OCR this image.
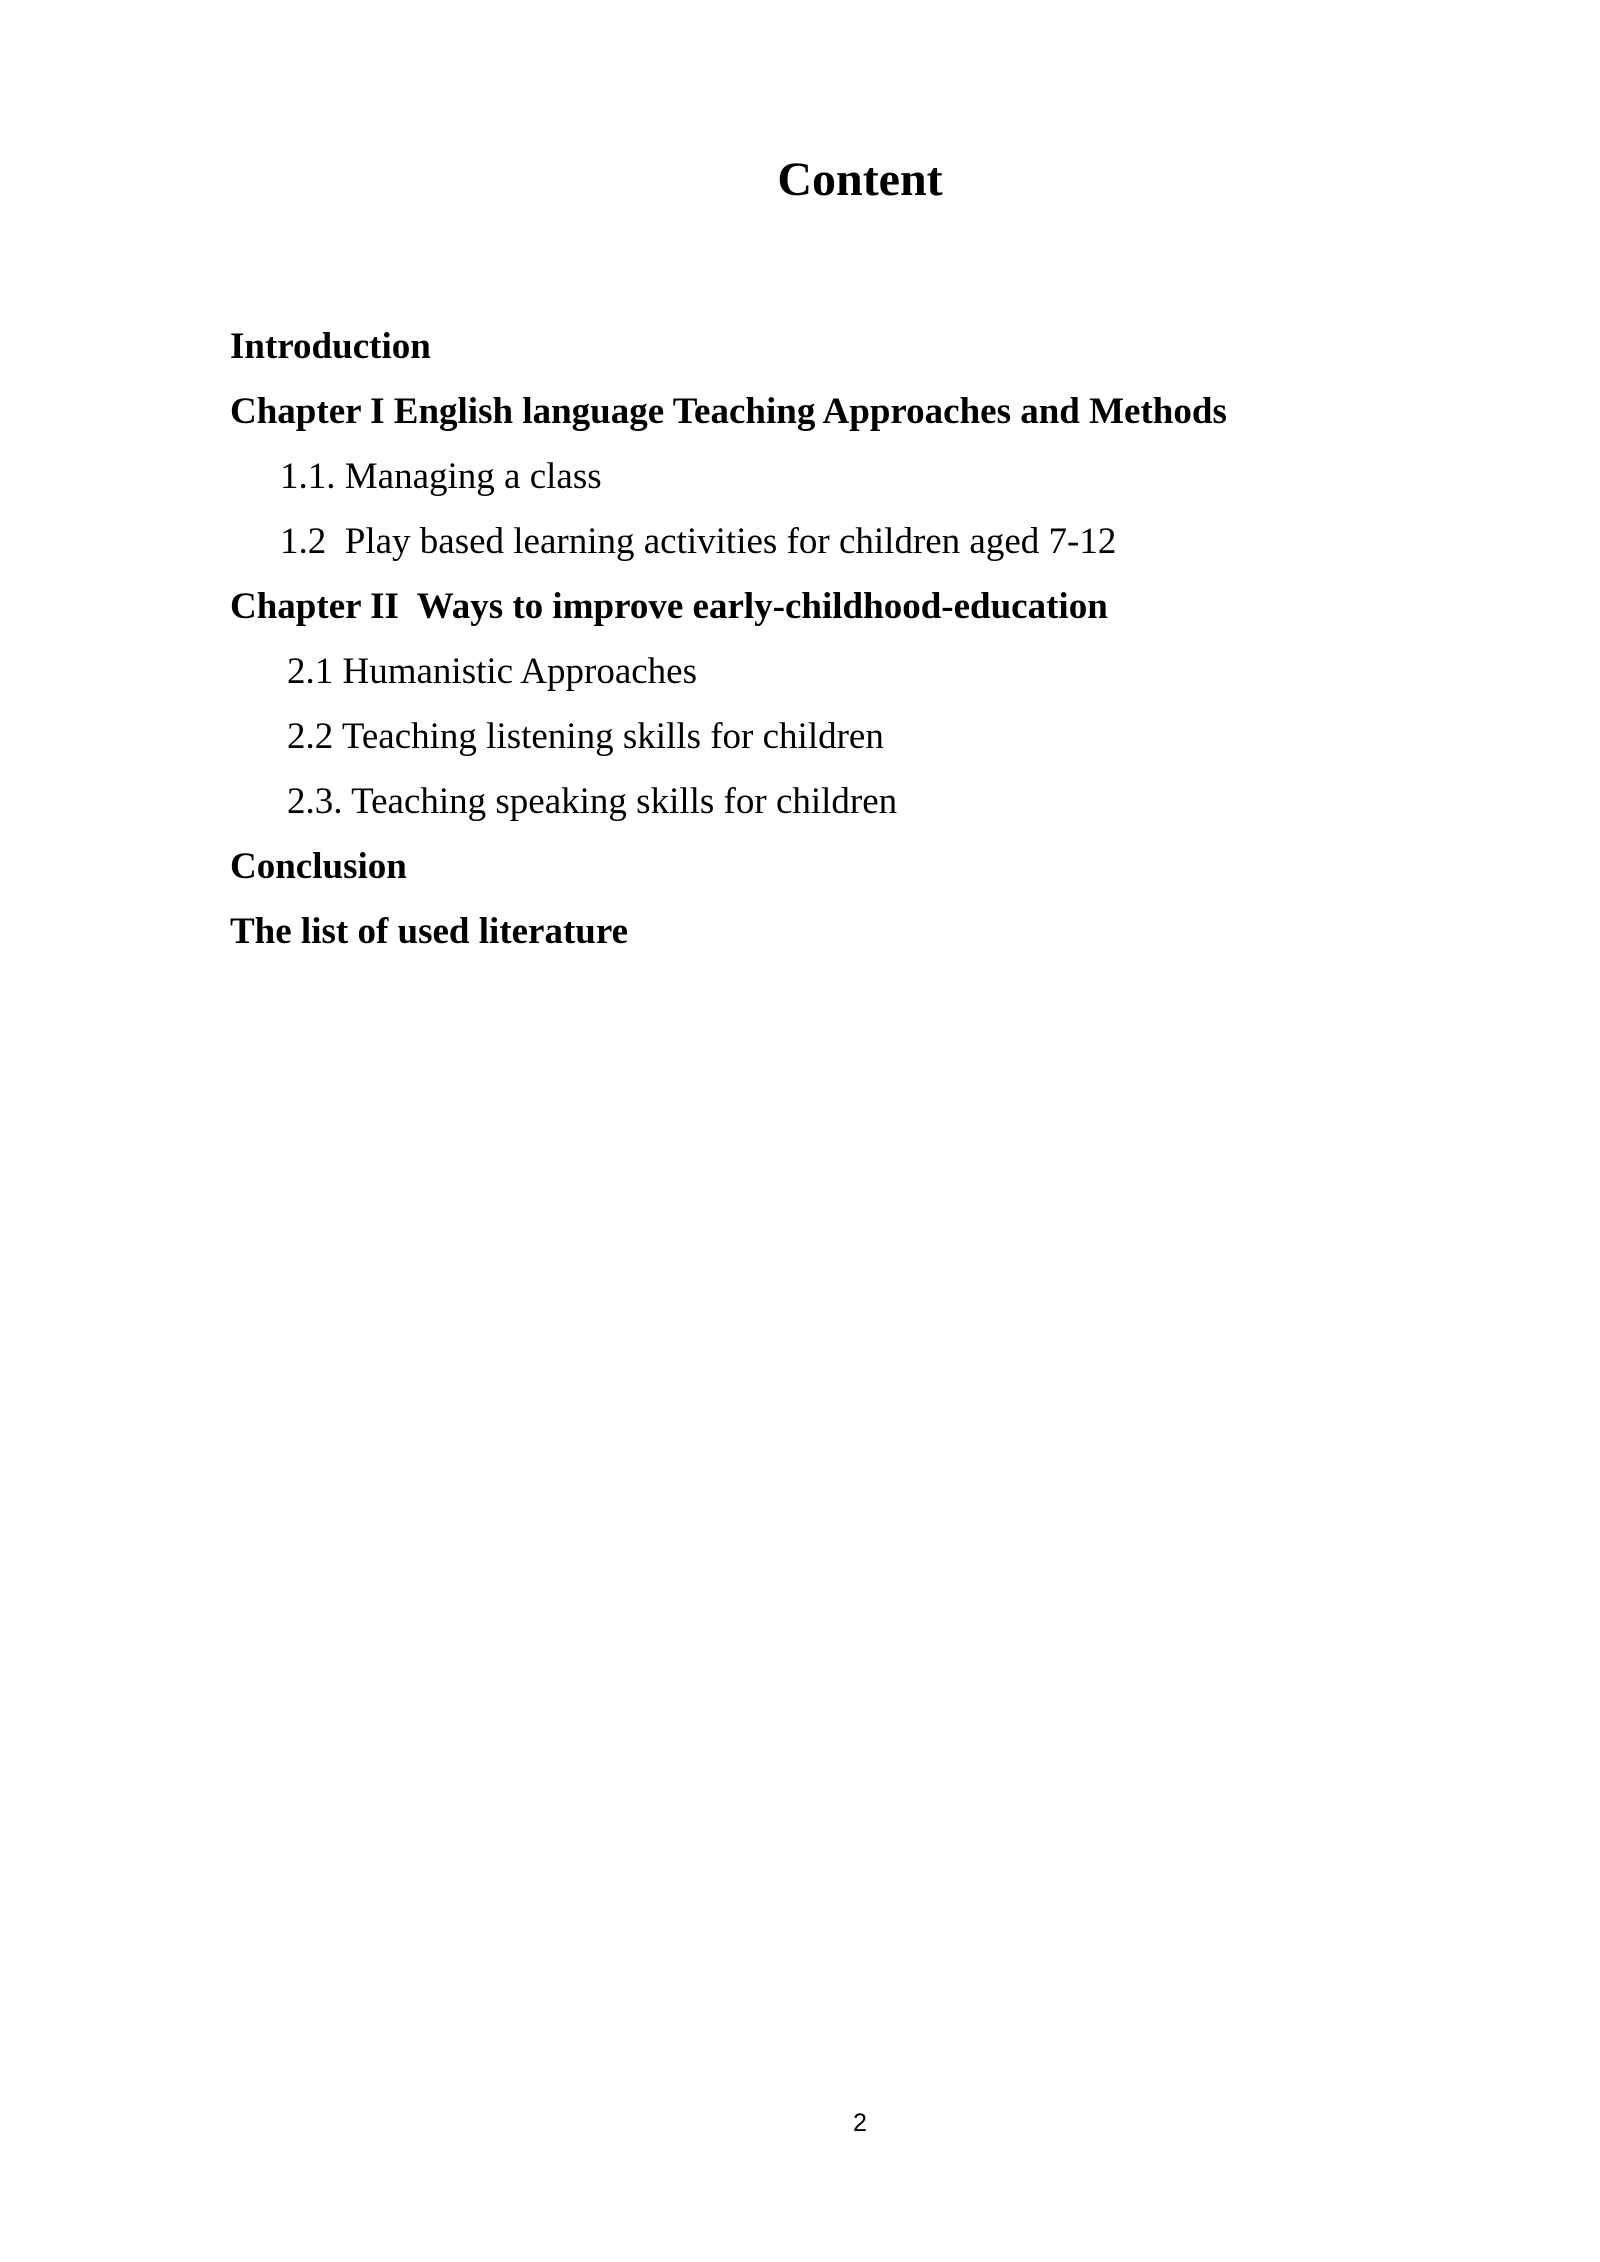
Content
Introduction
Chapter I English language Teaching Approaches and Methods
1.1. Managing a class
1.2  Play based learning activities for children aged 7-12
Chapter II  Ways to improve early-childhood-education
2.1 Humanistic Approaches
2.2 Teaching listening skills for children
2.3. Teaching speaking skills for children
Conclusion
The list of used literature
2
